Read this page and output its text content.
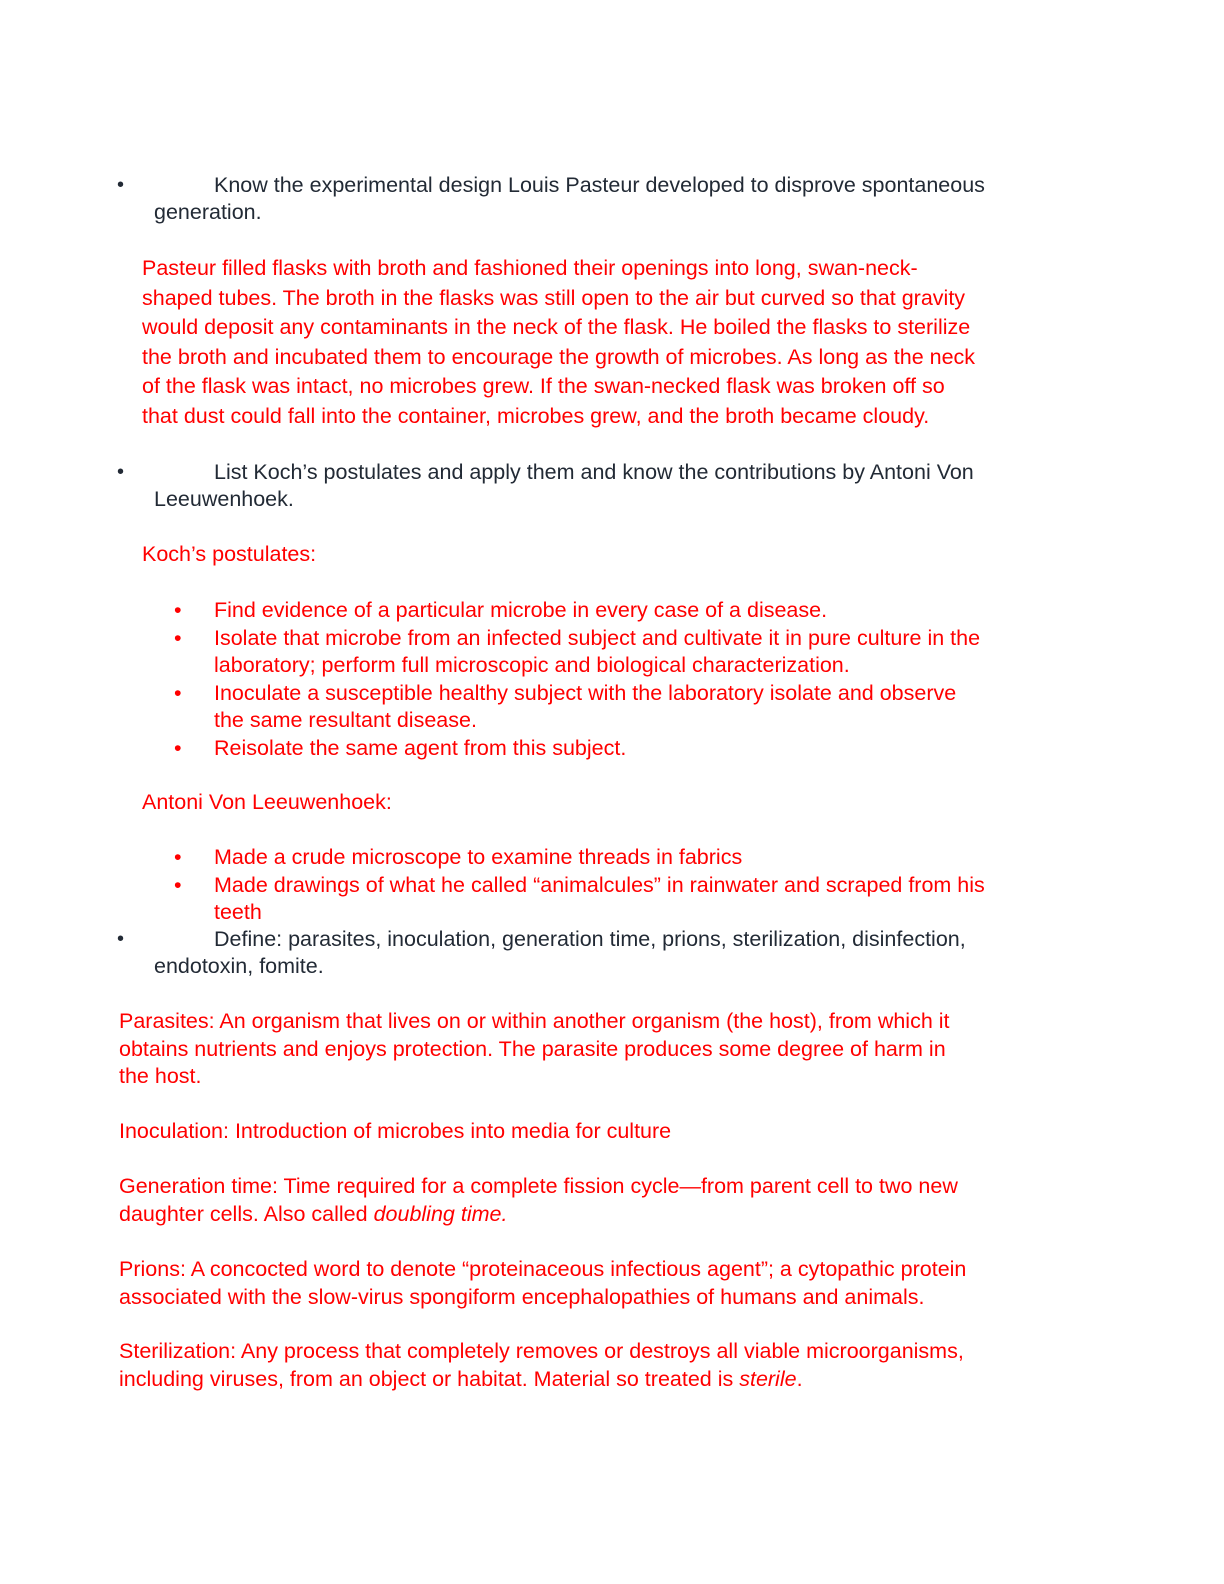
•	Know the experimental design Louis Pasteur developed to disprove spontaneous
generation.
Pasteur filled flasks with broth and fashioned their openings into long, swan-neck-
shaped tubes. The broth in the flasks was still open to the air but curved so that gravity
would deposit any contaminants in the neck of the flask. He boiled the flasks to sterilize
the broth and incubated them to encourage the growth of microbes. As long as the neck
of the flask was intact, no microbes grew. If the swan-necked flask was broken off so
that dust could fall into the container, microbes grew, and the broth became cloudy.
•	List Koch’s postulates and apply them and know the contributions by Antoni Von
Leeuwenhoek.
Koch’s postulates:
• Find evidence of a particular microbe in every case of a disease.
• Isolate that microbe from an infected subject and cultivate it in pure culture in the
laboratory; perform full microscopic and biological characterization.
• Inoculate a susceptible healthy subject with the laboratory isolate and observe
the same resultant disease.
• Reisolate the same agent from this subject.
Antoni Von Leeuwenhoek:
• Made a crude microscope to examine threads in fabrics
• Made drawings of what he called “animalcules” in rainwater and scraped from his
teeth
•	Define: parasites, inoculation, generation time, prions, sterilization, disinfection,
endotoxin, fomite.
Parasites: An organism that lives on or within another organism (the host), from which it
obtains nutrients and enjoys protection. The parasite produces some degree of harm in
the host.
Inoculation: Introduction of microbes into media for culture
Generation time: Time required for a complete fission cycle—from parent cell to two new
daughter cells. Also called doubling time.
Prions: A concocted word to denote “proteinaceous infectious agent”; a cytopathic protein
associated with the slow-virus spongiform encephalopathies of humans and animals.
Sterilization: Any process that completely removes or destroys all viable microorganisms,
including viruses, from an object or habitat. Material so treated is sterile.
